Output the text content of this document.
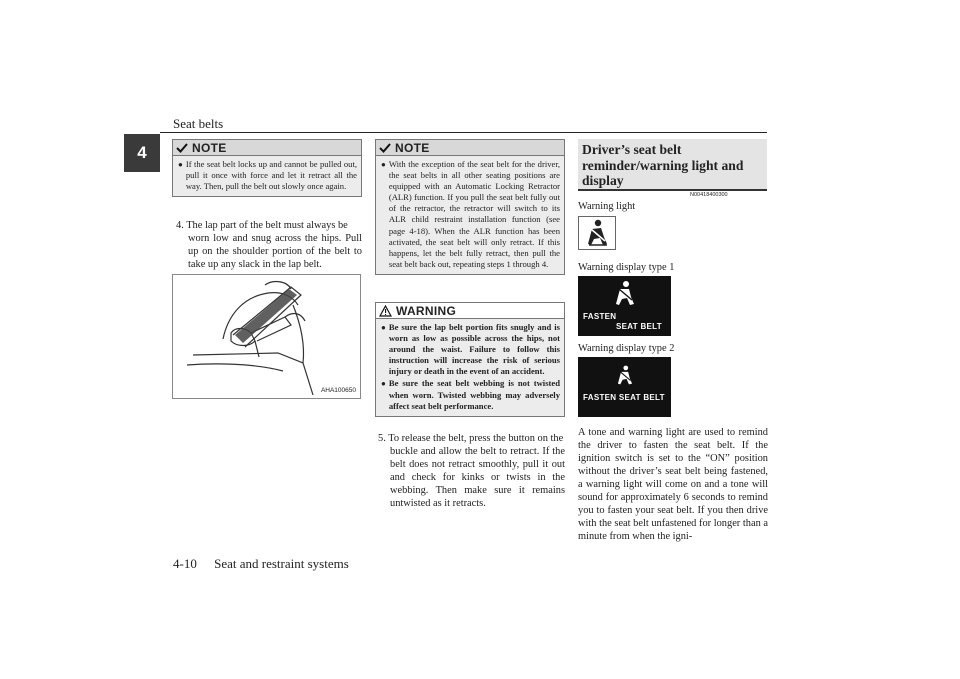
Seat belts
4	NOTE
● If the seat belt locks up and cannot be pulled out, pull it once with force and let it retract all the way. Then, pull the belt out slowly once again.
4. The lap part of the belt must always be
worn low and snug across the hips. Pull up on the shoulder portion of the belt to take up any slack in the lap belt.
AHA100650
NOTE
● With the exception of the seat belt for the driver, the seat belts in all other seating positions are equipped with an Automatic Locking Retractor (ALR) function. If you pull the seat belt fully out of the retractor, the retractor will switch to its ALR child restraint installation function (see page 4-18). When the ALR function has been activated, the seat belt will only retract. If this happens, let the belt fully retract, then pull the seat belt back out, repeating steps 1 through 4.
WARNING
● Be sure the lap belt portion fits snugly and is worn as low as possible across the hips, not around the waist. Failure to follow this instruction will increase the risk of serious injury or death in the event of an accident.
● Be sure the seat belt webbing is not twisted when worn. Twisted webbing may adversely affect seat belt performance.
5. To release the belt, press the button on the
buckle and allow the belt to retract. If the belt does not retract smoothly, pull it out and check for kinks or twists in the webbing. Then make sure it remains untwisted as it retracts.
Driver’s seat belt reminder/warning light and display
N00418400300
Warning light
Warning display type 1
FASTEN
SEAT BELT
Warning display type 2
FASTEN SEAT BELT
A tone and warning light are used to remind the driver to fasten the seat belt. If the ignition switch is set to the “ON” position without the driver’s seat belt being fastened, a warning light will come on and a tone will sound for approximately 6 seconds to remind you to fasten your seat belt. If you then drive with the seat belt unfastened for longer than a minute from when the igni-
4-10 Seat and restraint systems
